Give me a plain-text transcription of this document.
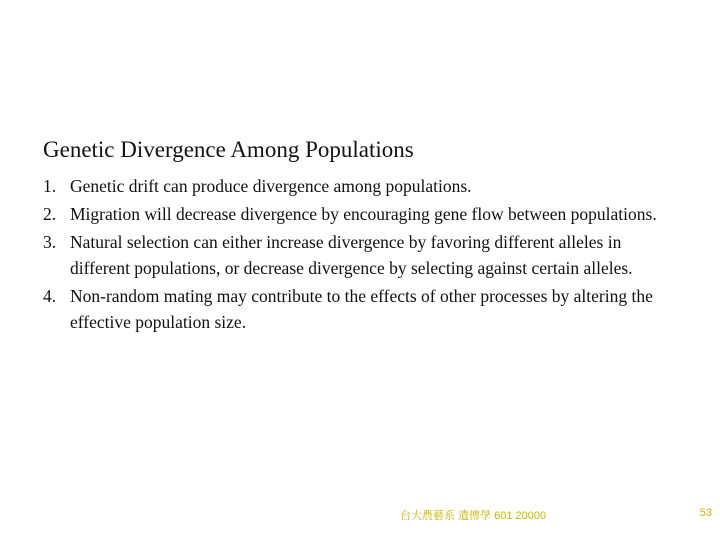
Genetic Divergence Among Populations
1. Genetic drift can produce divergence among populations.
2. Migration will decrease divergence by encouraging gene flow between populations.
3. Natural selection can either increase divergence by favoring different alleles in different populations, or decrease divergence by selecting against certain alleles.
4. Non-random mating may contribute to the effects of other processes by altering the effective population size.
台大農藝系 遺傳學 601 20000	53
